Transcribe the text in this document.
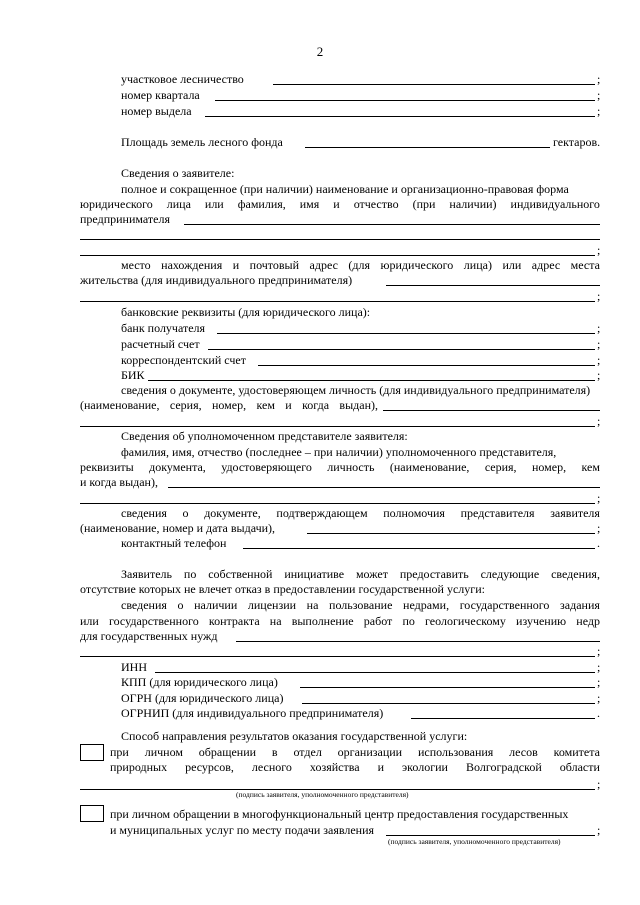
2
участковое лесничество	;
номер квартала	;
номер выдела	;
Площадь земель лесного фонда	гектаров.
Сведения о заявителе:
полное и сокращенное (при наличии) наименование и организационно-правовая форма
юридического лица или фамилия, имя и отчество (при наличии) индивидуального
предпринимателя
;
место нахождения и почтовый адрес (для юридического лица) или адрес места
жительства (для индивидуального предпринимателя)
;
банковские реквизиты (для юридического лица):
банк получателя	;
расчетный счет	;
корреспондентский счет	;
БИК	;
сведения о документе, удостоверяющем личность (для индивидуального предпринимателя)
(наименование, серия, номер, кем и когда выдан),
;
Сведения об уполномоченном представителе заявителя:
фамилия, имя, отчество (последнее – при наличии) уполномоченного представителя,
реквизиты документа, удостоверяющего личность (наименование, серия, номер, кем
и когда выдан),
;
сведения о документе, подтверждающем полномочия представителя заявителя
(наименование, номер и дата выдачи),	;
контактный телефон	.
Заявитель по собственной инициативе может предоставить следующие сведения,
отсутствие которых не влечет отказ в предоставлении государственной услуги:
сведения о наличии лицензии на пользование недрами, государственного задания
или государственного контракта на выполнение работ по геологическому изучению недр
для государственных нужд
;
ИНН	;
КПП (для юридического лица)	;
ОГРН (для юридического лица)	;
ОГРНИП (для индивидуального предпринимателя)	.
Способ направления результатов оказания государственной услуги:
при личном обращении в отдел организации использования лесов комитета
природных ресурсов, лесного хозяйства и экологии Волгоградской области
;
(подпись заявителя, уполномоченного представителя)
при личном обращении в многофункциональный центр предоставления государственных
и муниципальных услуг по месту подачи заявления	;
(подпись заявителя, уполномоченного представителя)
